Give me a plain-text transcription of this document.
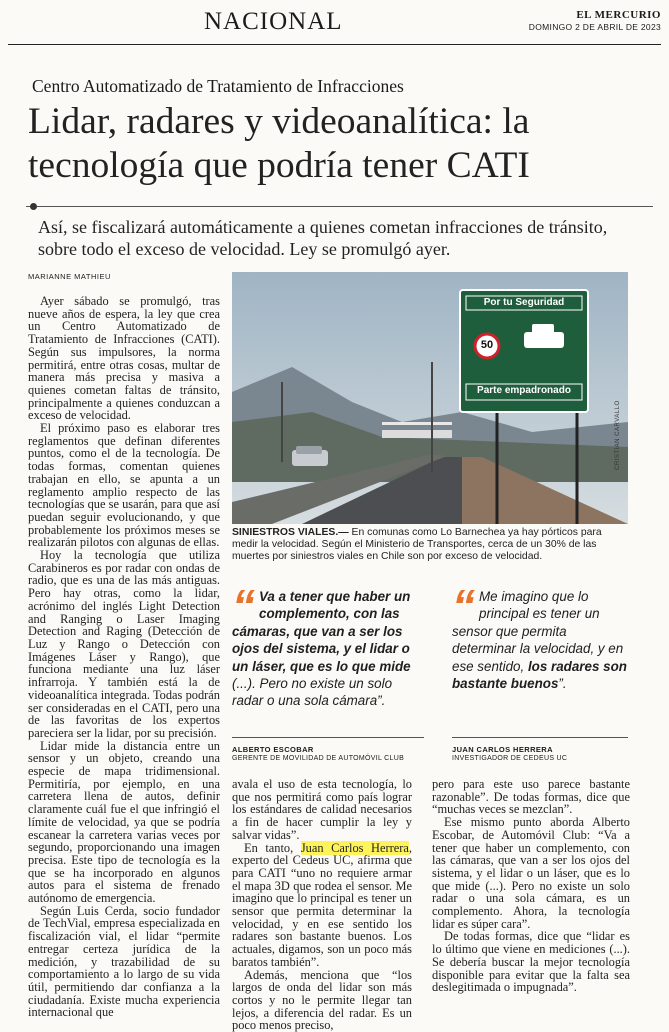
NACIONAL	EL MERCURIO
DOMINGO 2 DE ABRIL DE 2023
Centro Automatizado de Tratamiento de Infracciones
Lidar, radares y videoanalítica: la tecnología que podría tener CATI
Así, se fiscalizará automáticamente a quienes cometan infracciones de tránsito, sobre todo el exceso de velocidad. Ley se promulgó ayer.
MARIANNE MATHIEU

Ayer sábado se promulgó, tras nueve años de espera, la ley que crea un Centro Automatizado de Tratamiento de Infracciones (CATI). Según sus impulsores, la norma permitirá, entre otras cosas, multar de manera más precisa y masiva a quienes cometan faltas de tránsito, principalmente a quienes conduzcan a exceso de velocidad.

El próximo paso es elaborar tres reglamentos que definan diferentes puntos, como el de la tecnología. De todas formas, comentan quienes trabajan en ello, se apunta a un reglamento amplio respecto de las tecnologías que se usarán, para que así puedan seguir evolucionando, y que probablemente los próximos meses se realizarán pilotos con algunas de ellas.

Hoy la tecnología que utiliza Carabineros es por radar con ondas de radio, que es una de las más antiguas. Pero hay otras, como la lidar, acrónimo del inglés Light Detection and Ranging o Laser Imaging Detection and Raging (Detección de Luz y Rango o Detección con Imágenes Láser y Rango), que funciona mediante una luz láser infrarroja. Y también está la de videoanalítica integrada. Todas podrán ser consideradas en el CATI, pero una de las favoritas de los expertos pareciera ser la lidar, por su precisión.

Lidar mide la distancia entre un sensor y un objeto, creando una especie de mapa tridimensional. Permitiría, por ejemplo, en una carretera llena de autos, definir claramente cuál fue el que infringió el límite de velocidad, ya que se podría escanear la carretera varias veces por segundo, proporcionando una imagen precisa. Este tipo de tecnología es la que se ha incorporado en algunos autos para el sistema de frenado autónomo de emergencia.

Según Luis Cerda, socio fundador de TechVial, empresa especializada en fiscalización vial, el lidar “permite entregar certeza jurídica de la medición, y trazabilidad de su comportamiento a lo largo de su vida útil, permitiendo dar confianza a la ciudadanía. Existe mucha experiencia internacional que

Por tu Seguridad
50
Parte empadronado
CRISTIAN CARVALLO
SINIESTROS VIALES.— En comunas como Lo Barnechea ya hay pórticos para medir la velocidad. Según el Ministerio de Transportes, cerca de un 30% de las muertes por siniestros viales en Chile son por exceso de velocidad.
“ Va a tener que haber un complemento, con las cámaras, que van a ser los ojos del sistema, y el lidar o un láser, que es lo que mide (...). Pero no existe un solo radar o una sola cámara”.
ALBERTO ESCOBAR
GERENTE DE MOVILIDAD DE AUTOMÓVIL CLUB
“ Me imagino que lo principal es tener un sensor que permita determinar la velocidad, y en ese sentido, los radares son bastante buenos”.
JUAN CARLOS HERRERA
INVESTIGADOR DE CEDEUS UC

avala el uso de esta tecnología, lo que nos permitirá como país lograr los estándares de calidad necesarios a fin de hacer cumplir la ley y salvar vidas”.

En tanto, Juan Carlos Herrera, experto del Cedeus UC, afirma que para CATI “uno no requiere armar el mapa 3D que rodea el sensor. Me imagino que lo principal es tener un sensor que permita determinar la velocidad, y en ese sentido los radares son bastante buenos. Los actuales, digamos, son un poco más baratos también”.

Además, menciona que “los largos de onda del lidar son más cortos y no le permite llegar tan lejos, a diferencia del radar. Es un poco menos preciso,

pero para este uso parece bastante razonable”. De todas formas, dice que “muchas veces se mezclan”.

Ese mismo punto aborda Alberto Escobar, de Automóvil Club: “Va a tener que haber un complemento, con las cámaras, que van a ser los ojos del sistema, y el lidar o un láser, que es lo que mide (...). Pero no existe un solo radar o una sola cámara, es un complemento. Ahora, la tecnología lidar es súper cara”.

De todas formas, dice que “lidar es lo último que viene en mediciones (...). Se debería buscar la mejor tecnología disponible para evitar que la falta sea deslegitimada o impugnada”.
